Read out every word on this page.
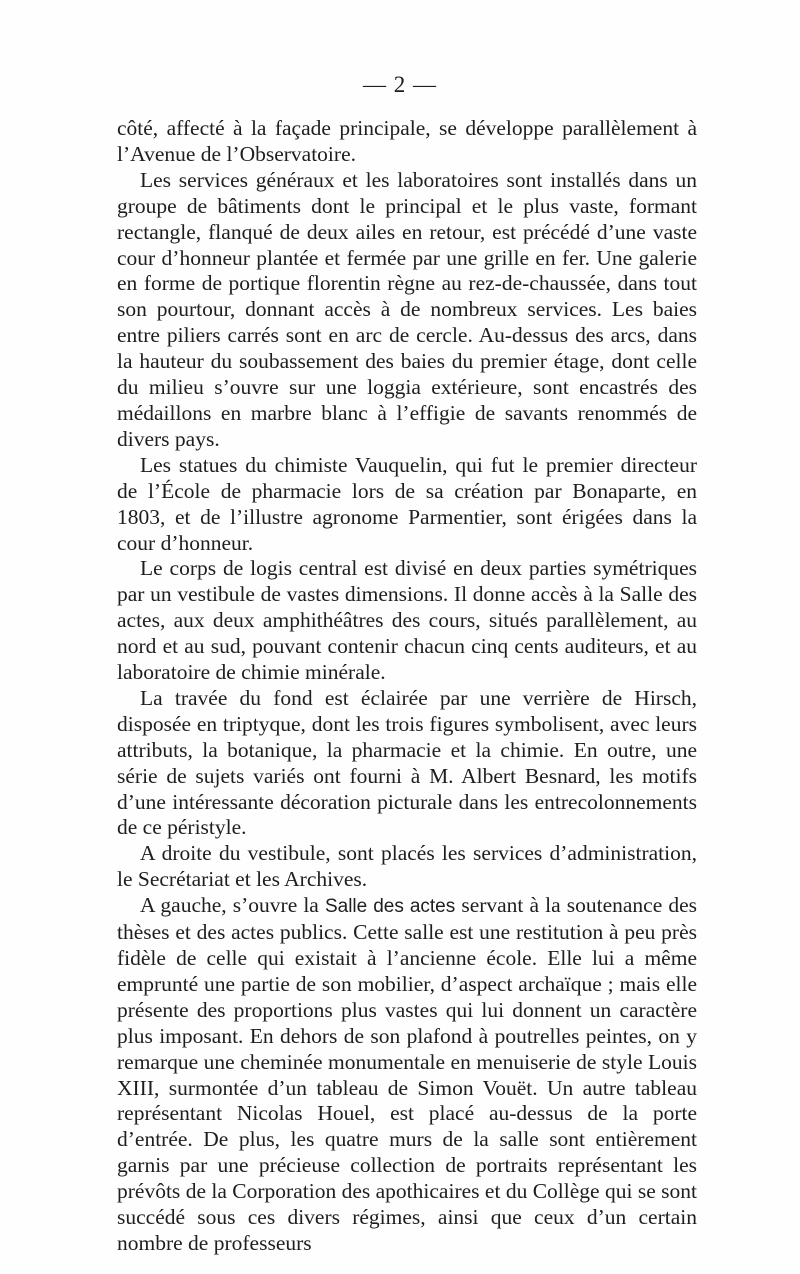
— 2 —

côté, affecté à la façade principale, se développe parallèlement à l’Avenue de l’Observatoire.

Les services généraux et les laboratoires sont installés dans un groupe de bâtiments dont le principal et le plus vaste, formant rectangle, flanqué de deux ailes en retour, est précédé d’une vaste cour d’honneur plantée et fermée par une grille en fer. Une galerie en forme de portique florentin règne au rez-de-chaussée, dans tout son pourtour, donnant accès à de nombreux services. Les baies entre piliers carrés sont en arc de cercle. Au-dessus des arcs, dans la hauteur du soubassement des baies du premier étage, dont celle du milieu s’ouvre sur une loggia extérieure, sont encastrés des médaillons en marbre blanc à l’effigie de savants renommés de divers pays.

Les statues du chimiste Vauquelin, qui fut le premier directeur de l’École de pharmacie lors de sa création par Bonaparte, en 1803, et de l’illustre agronome Parmentier, sont érigées dans la cour d’honneur.

Le corps de logis central est divisé en deux parties symétriques par un vestibule de vastes dimensions. Il donne accès à la Salle des actes, aux deux amphithéâtres des cours, situés parallèlement, au nord et au sud, pouvant contenir chacun cinq cents auditeurs, et au laboratoire de chimie minérale.

La travée du fond est éclairée par une verrière de Hirsch, disposée en triptyque, dont les trois figures symbolisent, avec leurs attributs, la botanique, la pharmacie et la chimie. En outre, une série de sujets variés ont fourni à M. Albert Besnard, les motifs d’une intéressante décoration picturale dans les entrecolonnements de ce péristyle.

A droite du vestibule, sont placés les services d’administration, le Secrétariat et les Archives.

A gauche, s’ouvre la Salle des actes servant à la soutenance des thèses et des actes publics. Cette salle est une restitution à peu près fidèle de celle qui existait à l’ancienne école. Elle lui a même emprunté une partie de son mobilier, d’aspect archaïque ; mais elle présente des proportions plus vastes qui lui donnent un caractère plus imposant. En dehors de son plafond à poutrelles peintes, on y remarque une cheminée monumentale en menuiserie de style Louis XIII, surmontée d’un tableau de Simon Vouët. Un autre tableau représentant Nicolas Houel, est placé au-dessus de la porte d’entrée. De plus, les quatre murs de la salle sont entièrement garnis par une précieuse collection de portraits représentant les prévôts de la Corporation des apothicaires et du Collège qui se sont succédé sous ces divers régimes, ainsi que ceux d’un certain nombre de professeurs
